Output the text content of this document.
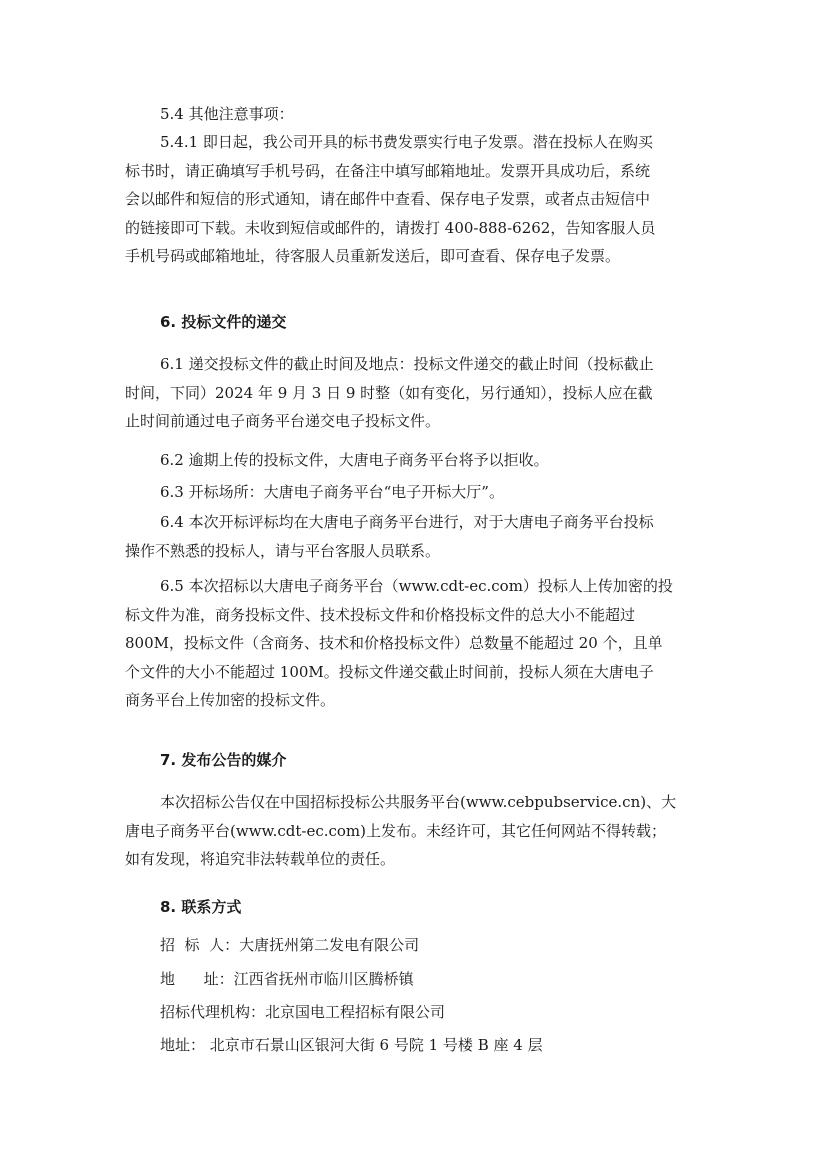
5.4 其他注意事项：
5.4.1 即日起，我公司开具的标书费发票实行电子发票。潜在投标人在购买
标书时，请正确填写手机号码，在备注中填写邮箱地址。发票开具成功后，系统
会以邮件和短信的形式通知，请在邮件中查看、保存电子发票，或者点击短信中
的链接即可下载。未收到短信或邮件的，请拨打 400-888-6262，告知客服人员
手机号码或邮箱地址，待客服人员重新发送后，即可查看、保存电子发票。
6. 投标文件的递交
6.1 递交投标文件的截止时间及地点：投标文件递交的截止时间（投标截止
时间，下同）2024 年 9 月 3 日 9 时整（如有变化，另行通知），投标人应在截
止时间前通过电子商务平台递交电子投标文件。
6.2 逾期上传的投标文件，大唐电子商务平台将予以拒收。
6.3 开标场所：大唐电子商务平台“电子开标大厅”。
6.4 本次开标评标均在大唐电子商务平台进行，对于大唐电子商务平台投标
操作不熟悉的投标人，请与平台客服人员联系。
6.5 本次招标以大唐电子商务平台（www.cdt-ec.com）投标人上传加密的投
标文件为准，商务投标文件、技术投标文件和价格投标文件的总大小不能超过
800M，投标文件（含商务、技术和价格投标文件）总数量不能超过 20 个，且单
个文件的大小不能超过 100M。投标文件递交截止时间前，投标人须在大唐电子
商务平台上传加密的投标文件。
7. 发布公告的媒介
本次招标公告仅在中国招标投标公共服务平台(www.cebpubservice.cn)、大
唐电子商务平台(www.cdt-ec.com)上发布。未经许可，其它任何网站不得转载；
如有发现，将追究非法转载单位的责任。
8. 联系方式
招  标  人：大唐抚州第二发电有限公司
地      址：江西省抚州市临川区腾桥镇
招标代理机构：北京国电工程招标有限公司
地址： 北京市石景山区银河大街 6 号院 1 号楼 B 座 4 层
